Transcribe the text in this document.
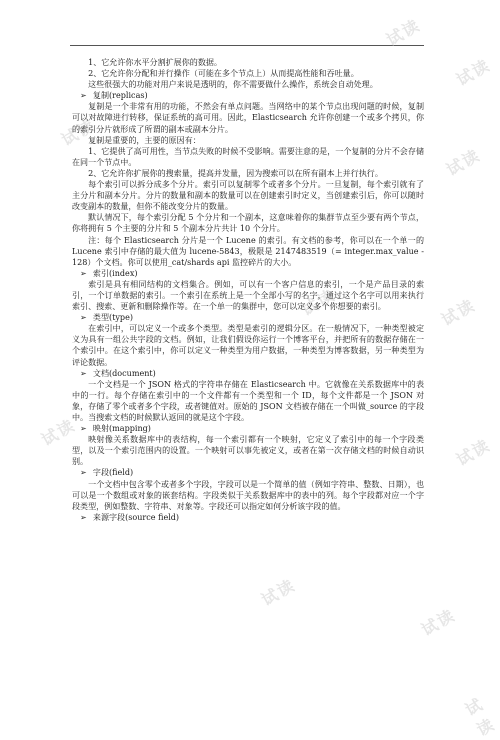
试读
试读
试读
试读
试读	试读
试读
试读
试读
试读
试读

1、它允许你水平分割扩展你的数据。

2、它允许你分配和并行操作（可能在多个节点上）从而提高性能和吞吐量。

这些很强大的功能对用户来说是透明的，你不需要做什么操作，系统会自动处理。

➢ 复制(replicas)

复制是一个非常有用的功能，不然会有单点问题。当网络中的某个节点出现问题的时候，复制可以对故障进行转移，保证系统的高可用。因此，Elasticsearch 允许你创建一个或多个拷贝，你的索引分片就形成了所谓的副本或副本分片。

复制是重要的，主要的原因有：

1、它提供了高可用性，当节点失败的时候不受影响。需要注意的是，一个复制的分片不会存储在同一个节点中。

2、它允许你扩展你的搜索量，提高并发量，因为搜索可以在所有副本上并行执行。

每个索引可以拆分成多个分片。索引可以复制零个或者多个分片。一旦复制，每个索引就有了主分片和副本分片。分片的数量和副本的数量可以在创建索引时定义，当创建索引后，你可以随时改变副本的数量，但你不能改变分片的数量。

默认情况下，每个索引分配 5 个分片和一个副本，这意味着你的集群节点至少要有两个节点，你将拥有 5 个主要的分片和 5 个副本分片共计 10 个分片。

注：每个 Elasticsearch 分片是一个 Lucene 的索引。有文档的参考，你可以在一个单一的 Lucene 索引中存储的最大值为 lucene-5843，极限是 2147483519（= integer.max_value - 128）个文档。你可以使用_cat/shards api 监控碎片的大小。

➢ 索引(index)

索引是具有相同结构的文档集合。例如，可以有一个客户信息的索引，一个是产品目录的索引，一个订单数据的索引。一个索引在系统上是一个全部小写的名字，通过这个名字可以用来执行索引、搜索、更新和删除操作等。在一个单一的集群中，您可以定义多个你想要的索引。

➢ 类型(type)

在索引中，可以定义一个或多个类型。类型是索引的逻辑分区。在一般情况下，一种类型被定义为具有一组公共字段的文档。例如，让我们假设你运行一个博客平台，并把所有的数据存储在一个索引中。在这个索引中，你可以定义一种类型为用户数据，一种类型为博客数据，另一种类型为评论数据。

➢ 文档(document)

一个文档是一个 JSON 格式的字符串存储在 Elasticsearch 中。它就像在关系数据库中的表中的一行。每个存储在索引中的一个文件都有一个类型和一个 ID，每个文件都是一个 JSON 对象，存储了零个或者多个字段，或者键值对。原始的 JSON 文档被存储在一个叫做_source 的字段中。当搜索文档的时候默认返回的就是这个字段。

➢ 映射(mapping)

映射像关系数据库中的表结构，每一个索引都有一个映射，它定义了索引中的每一个字段类型，以及一个索引范围内的设置。一个映射可以事先被定义，或者在第一次存储文档的时候自动识别。

➢ 字段(field)

一个文档中包含零个或者多个字段，字段可以是一个简单的值（例如字符串、整数、日期），也可以是一个数组或对象的嵌套结构。字段类似于关系数据库中的表中的列。每个字段都对应一个字段类型，例如整数、字符串、对象等。字段还可以指定如何分析该字段的值。

➢ 来源字段(source field)
